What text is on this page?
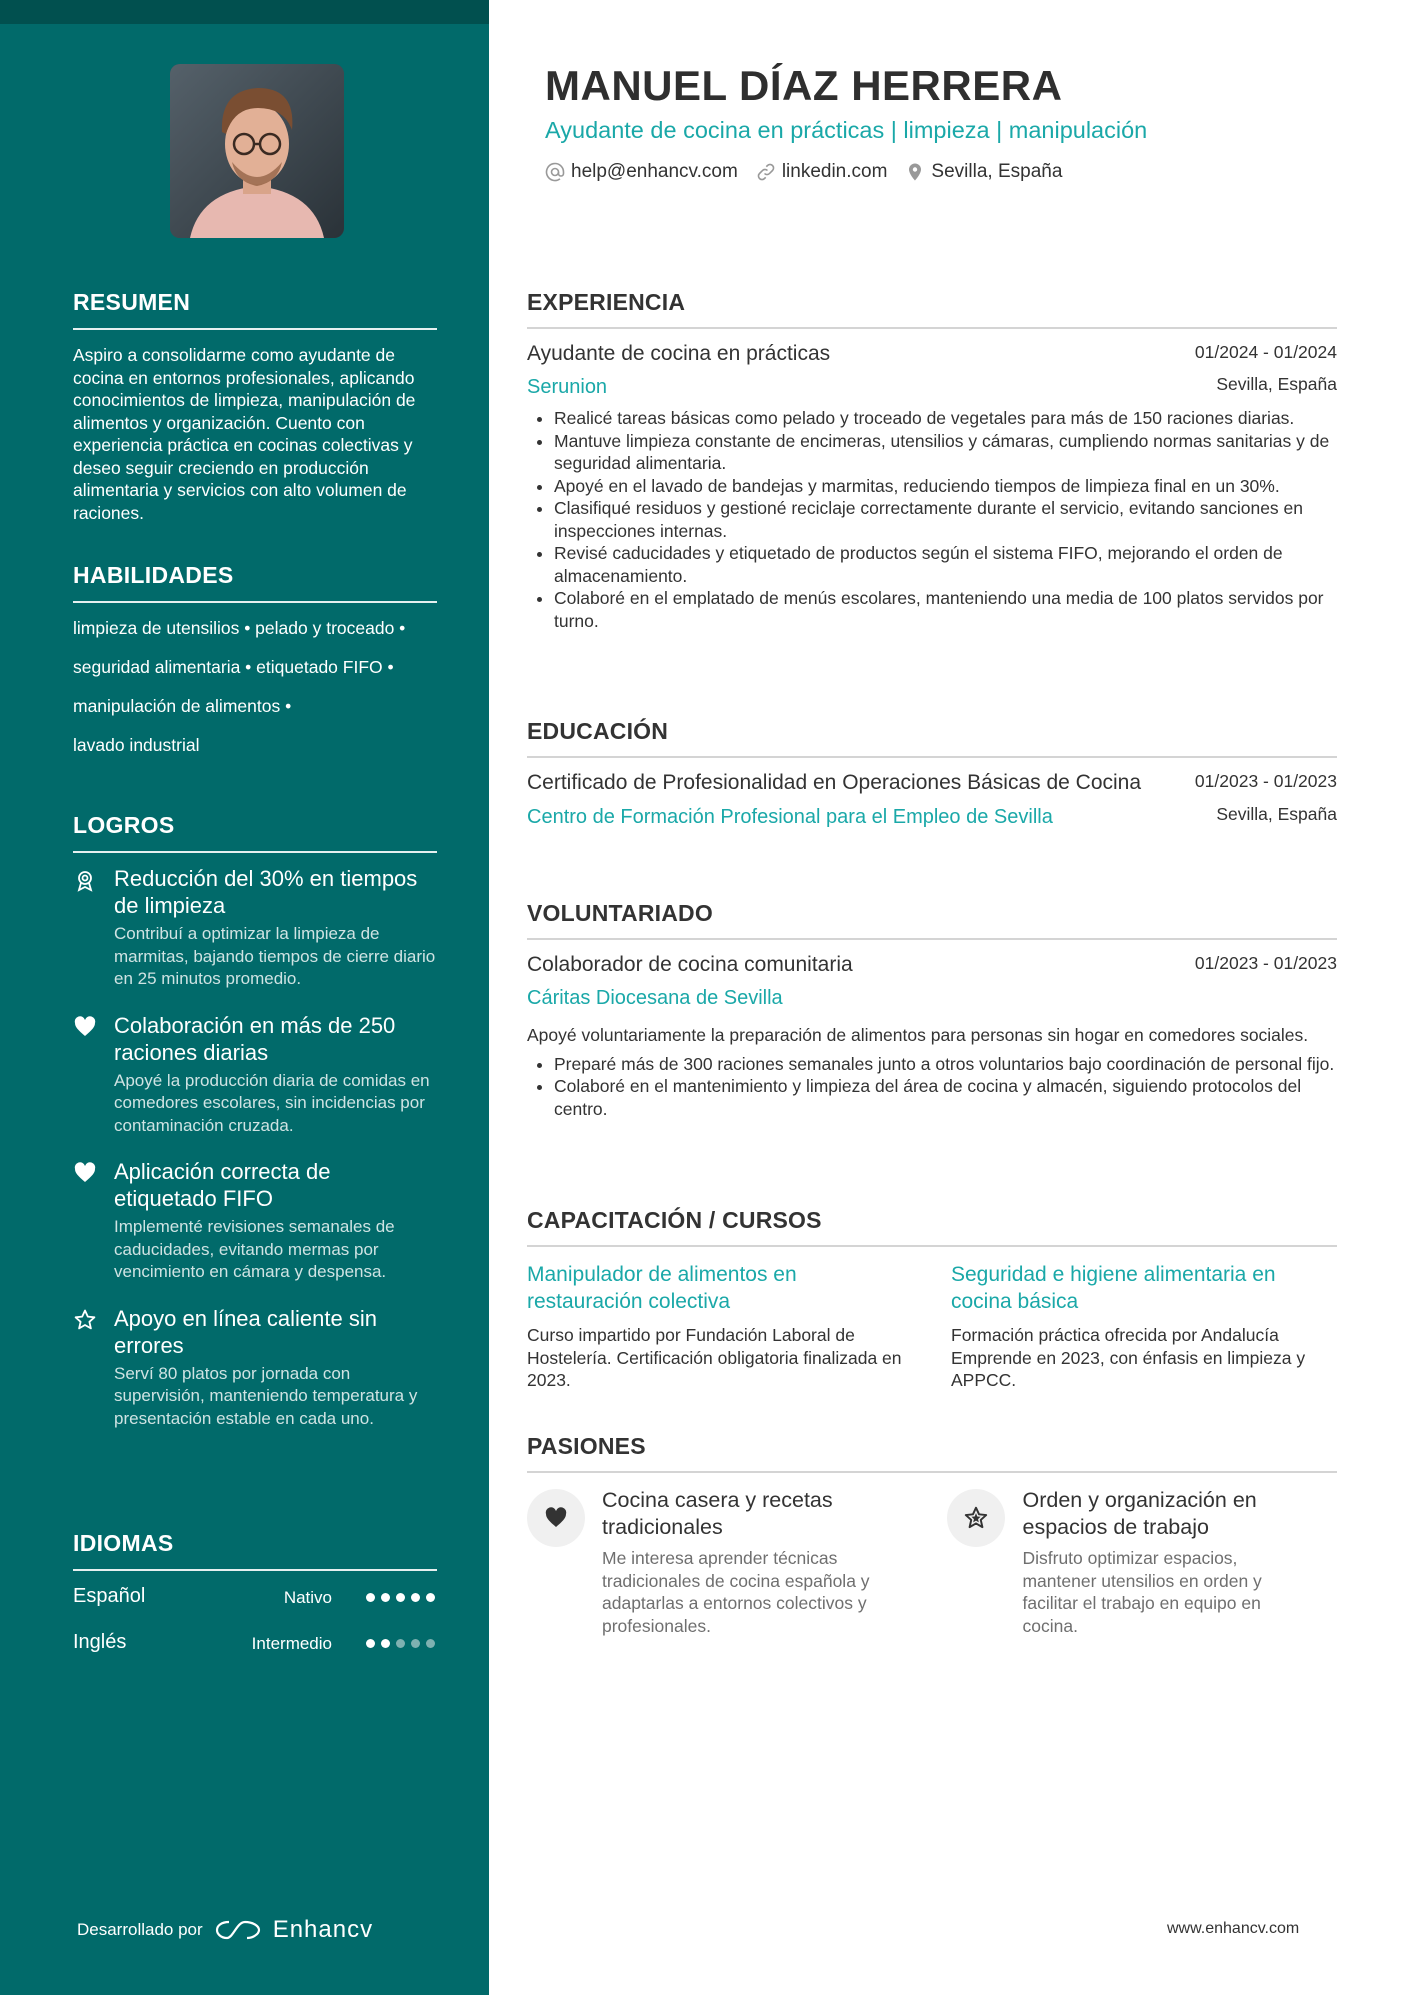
RESUMEN
Aspiro a consolidarme como ayudante de cocina en entornos profesionales, aplicando conocimientos de limpieza, manipulación de alimentos y organización. Cuento con experiencia práctica en cocinas colectivas y deseo seguir creciendo en producción alimentaria y servicios con alto volumen de raciones.
HABILIDADES
limpieza de utensilios • pelado y troceado •
seguridad alimentaria • etiquetado FIFO •
manipulación de alimentos •
lavado industrial
LOGROS
Reducción del 30% en tiempos de limpieza
Contribuí a optimizar la limpieza de marmitas, bajando tiempos de cierre diario en 25 minutos promedio.
Colaboración en más de 250 raciones diarias
Apoyé la producción diaria de comidas en comedores escolares, sin incidencias por contaminación cruzada.
Aplicación correcta de etiquetado FIFO
Implementé revisiones semanales de caducidades, evitando mermas por vencimiento en cámara y despensa.
Apoyo en línea caliente sin errores
Serví 80 platos por jornada con supervisión, manteniendo temperatura y presentación estable en cada uno.
IDIOMAS
Español	Nativo
Inglés	Intermedio
Desarrollado por	Enhancv
MANUEL DÍAZ HERRERA
Ayudante de cocina en prácticas | limpieza | manipulación
help@enhancv.com linkedin.com Sevilla, España
EXPERIENCIA
Ayudante de cocina en prácticas	01/2024 - 01/2024
Serunion	Sevilla, España
• Realicé tareas básicas como pelado y troceado de vegetales para más de 150 raciones diarias.
• Mantuve limpieza constante de encimeras, utensilios y cámaras, cumpliendo normas sanitarias y de seguridad alimentaria.
• Apoyé en el lavado de bandejas y marmitas, reduciendo tiempos de limpieza final en un 30%.
• Clasifiqué residuos y gestioné reciclaje correctamente durante el servicio, evitando sanciones en inspecciones internas.
• Revisé caducidades y etiquetado de productos según el sistema FIFO, mejorando el orden de almacenamiento.
• Colaboré en el emplatado de menús escolares, manteniendo una media de 100 platos servidos por turno.
EDUCACIÓN
Certificado de Profesionalidad en Operaciones Básicas de Cocina	01/2023 - 01/2023
Centro de Formación Profesional para el Empleo de Sevilla	Sevilla, España
VOLUNTARIADO
Colaborador de cocina comunitaria	01/2023 - 01/2023
Cáritas Diocesana de Sevilla
Apoyé voluntariamente la preparación de alimentos para personas sin hogar en comedores sociales.
• Preparé más de 300 raciones semanales junto a otros voluntarios bajo coordinación de personal fijo.
• Colaboré en el mantenimiento y limpieza del área de cocina y almacén, siguiendo protocolos del centro.
CAPACITACIÓN / CURSOS
Manipulador de alimentos en restauración colectiva
Curso impartido por Fundación Laboral de Hostelería. Certificación obligatoria finalizada en 2023.
Seguridad e higiene alimentaria en cocina básica
Formación práctica ofrecida por Andalucía Emprende en 2023, con énfasis en limpieza y APPCC.
PASIONES
Cocina casera y recetas tradicionales
Me interesa aprender técnicas tradicionales de cocina española y adaptarlas a entornos colectivos y profesionales.
Orden y organización en espacios de trabajo
Disfruto optimizar espacios, mantener utensilios en orden y facilitar el trabajo en equipo en cocina.
www.enhancv.com
